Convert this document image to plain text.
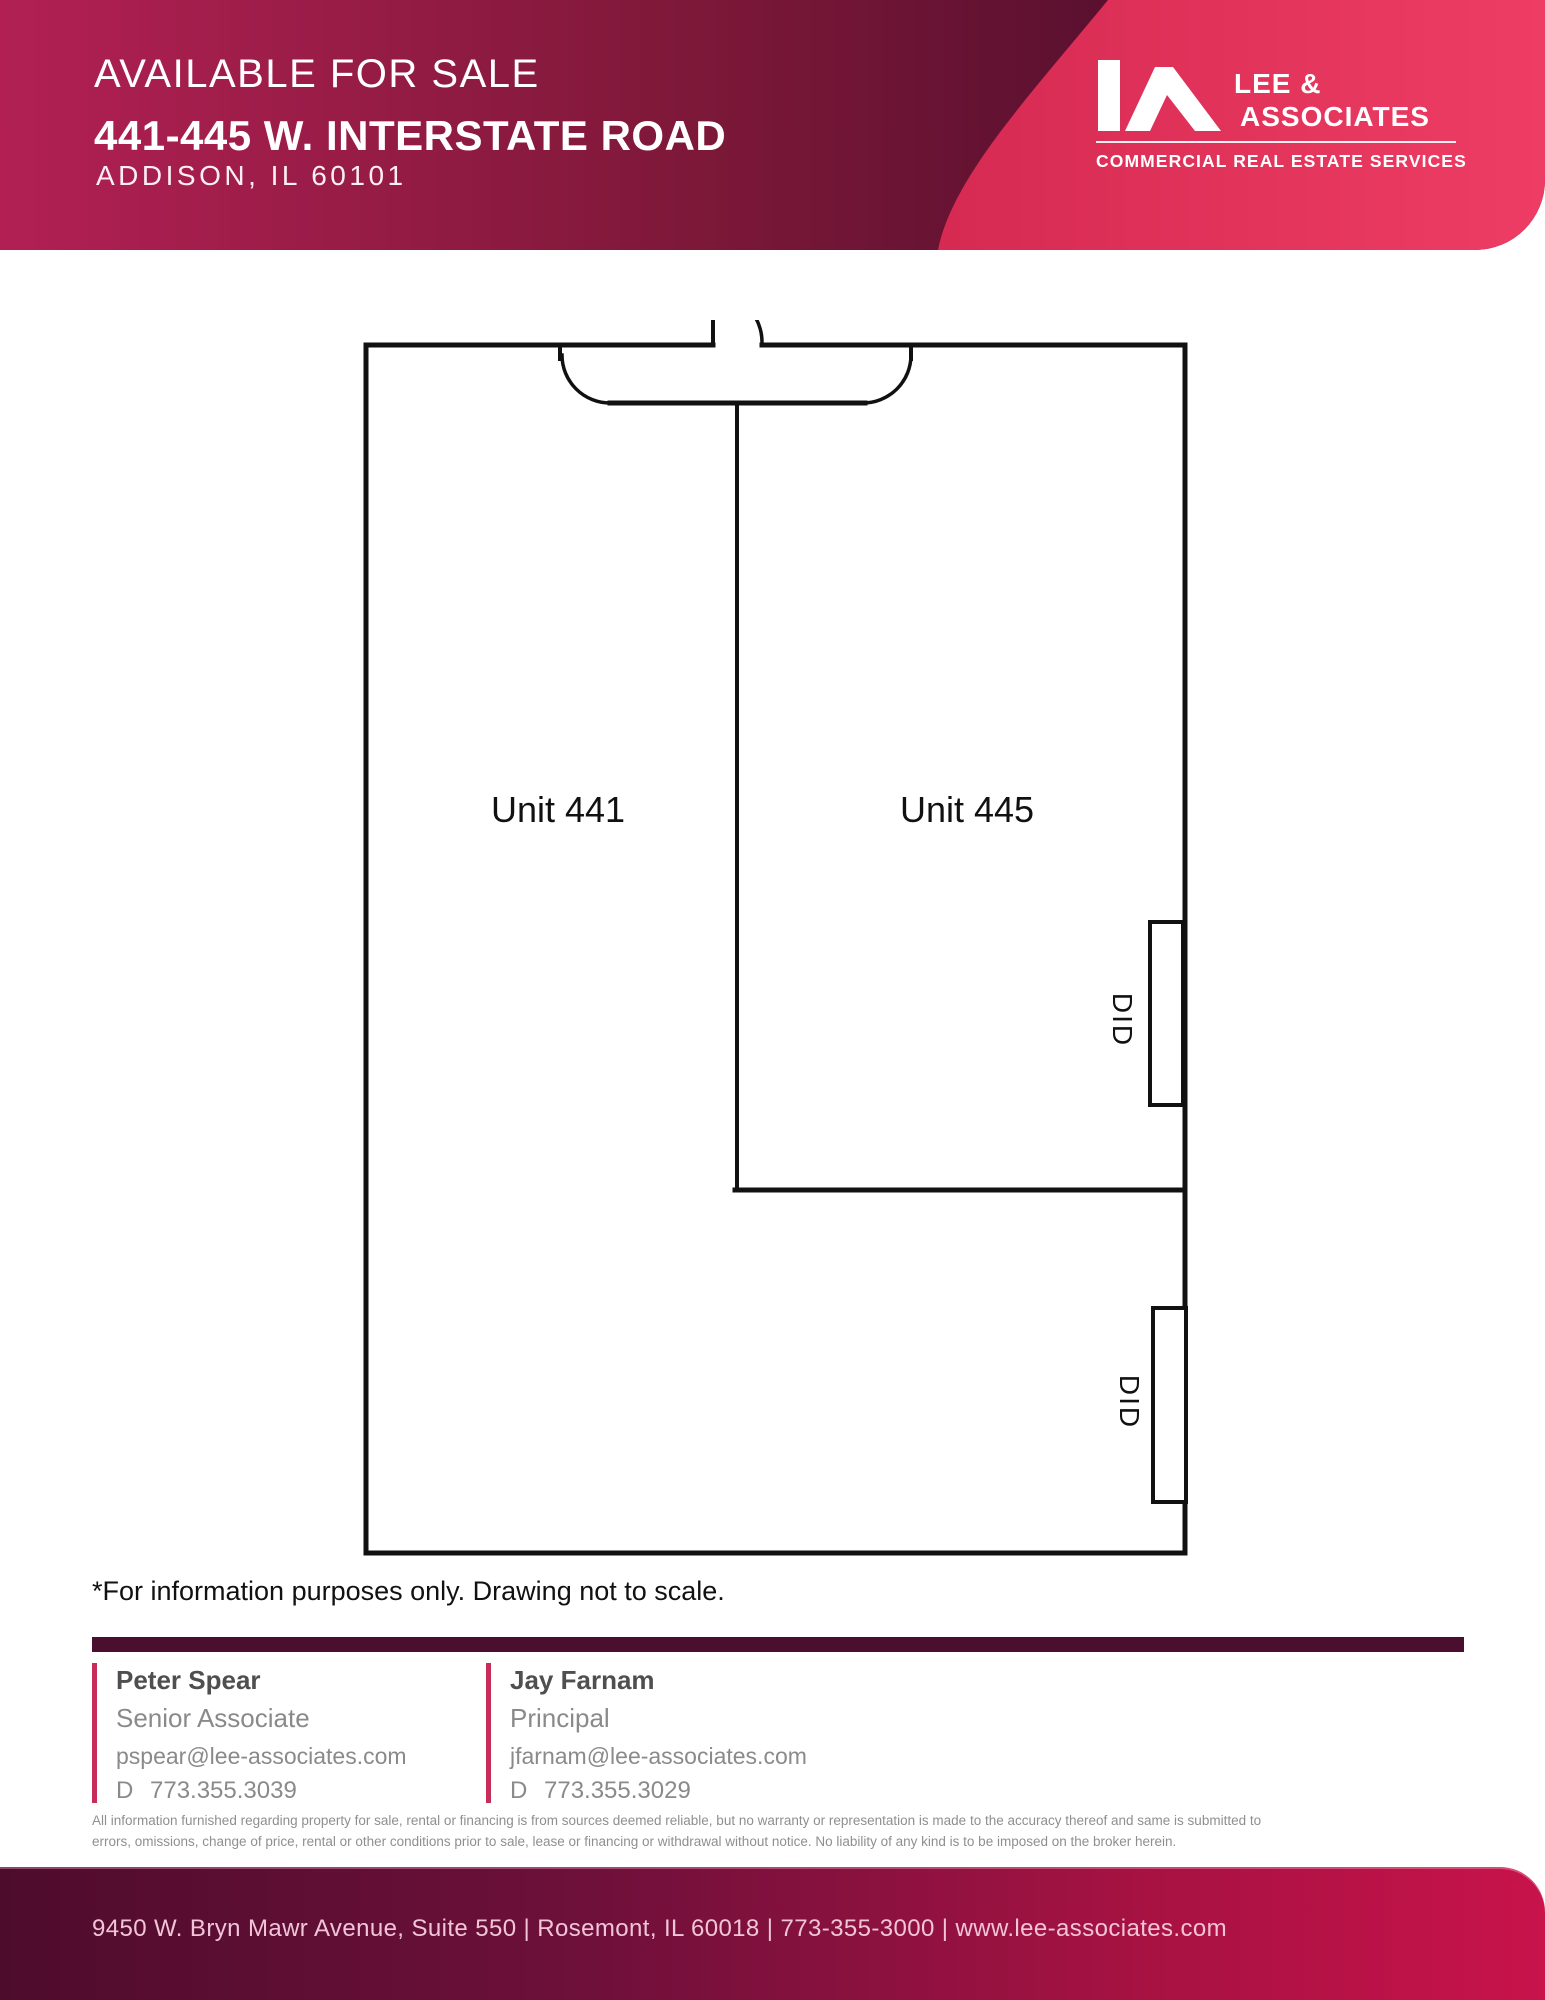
AVAILABLE FOR SALE
441-445 W. INTERSTATE ROAD
ADDISON, IL 60101
LEE &
ASSOCIATES
COMMERCIAL REAL ESTATE SERVICES
Unit 441	Unit 445
DID
DID
*For information purposes only. Drawing not to scale.
Peter Spear
Senior Associate
pspear@lee-associates.com
D 773.355.3039
Jay Farnam
Principal
jfarnam@lee-associates.com
D 773.355.3029
All information furnished regarding property for sale, rental or financing is from sources deemed reliable, but no warranty or representation is made to the accuracy thereof and same is submitted to
errors, omissions, change of price, rental or other conditions prior to sale, lease or financing or withdrawal without notice. No liability of any kind is to be imposed on the broker herein.
9450 W. Bryn Mawr Avenue, Suite 550 | Rosemont, IL 60018 | 773-355-3000 | www.lee-associates.com
